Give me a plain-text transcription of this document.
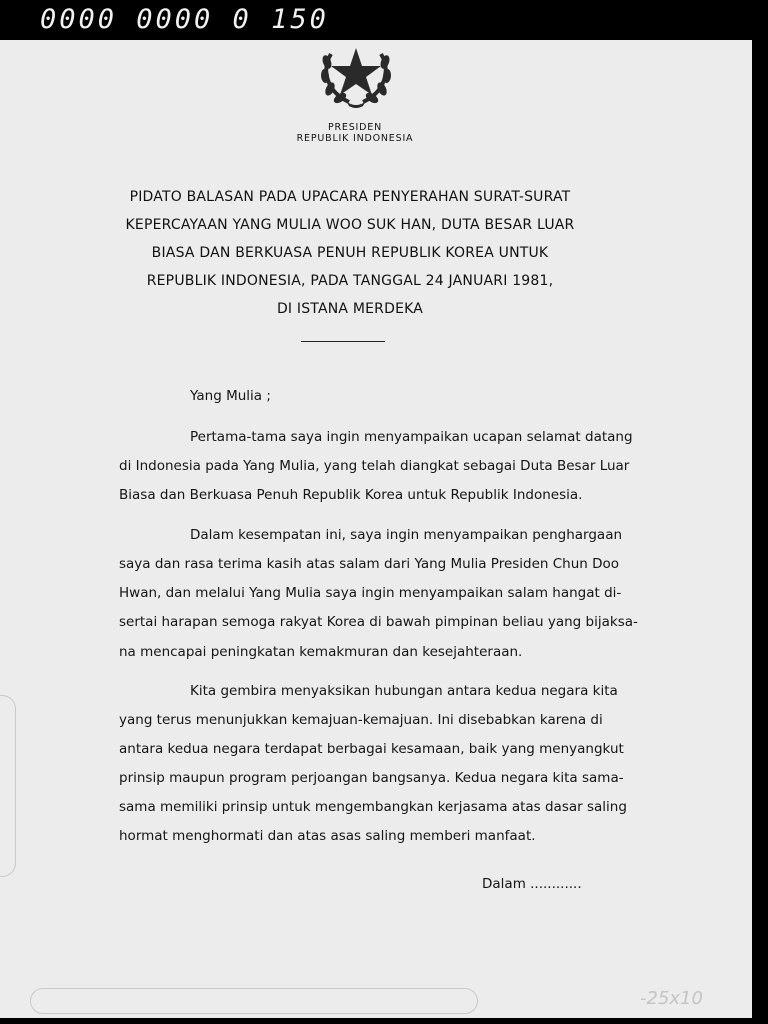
0000 0000 0 150
PRESIDEN
REPUBLIK INDONESIA
PIDATO BALASAN PADA UPACARA PENYERAHAN SURAT-SURAT
KEPERCAYAAN YANG MULIA WOO SUK HAN, DUTA BESAR LUAR
BIASA DAN BERKUASA PENUH REPUBLIK KOREA UNTUK
REPUBLIK INDONESIA, PADA TANGGAL 24 JANUARI 1981,
DI ISTANA MERDEKA
Yang Mulia ;
Pertama-tama saya ingin menyampaikan ucapan selamat datang
di Indonesia pada Yang Mulia, yang telah diangkat sebagai Duta Besar Luar
Biasa dan Berkuasa Penuh Republik Korea untuk Republik Indonesia.
Dalam kesempatan ini, saya ingin menyampaikan penghargaan
saya dan rasa terima kasih atas salam dari Yang Mulia Presiden Chun Doo
Hwan, dan melalui Yang Mulia saya ingin menyampaikan salam hangat di-
sertai harapan semoga rakyat Korea di bawah pimpinan beliau yang bijaksa-
na mencapai peningkatan kemakmuran dan kesejahteraan.
Kita gembira menyaksikan hubungan antara kedua negara kita
yang terus menunjukkan kemajuan-kemajuan. Ini disebabkan karena di
antara kedua negara terdapat berbagai kesamaan, baik yang menyangkut
prinsip maupun program perjoangan bangsanya. Kedua negara kita sama-
sama memiliki prinsip untuk mengembangkan kerjasama atas dasar saling
hormat menghormati dan atas asas saling memberi manfaat.
Dalam ............
-25x10
